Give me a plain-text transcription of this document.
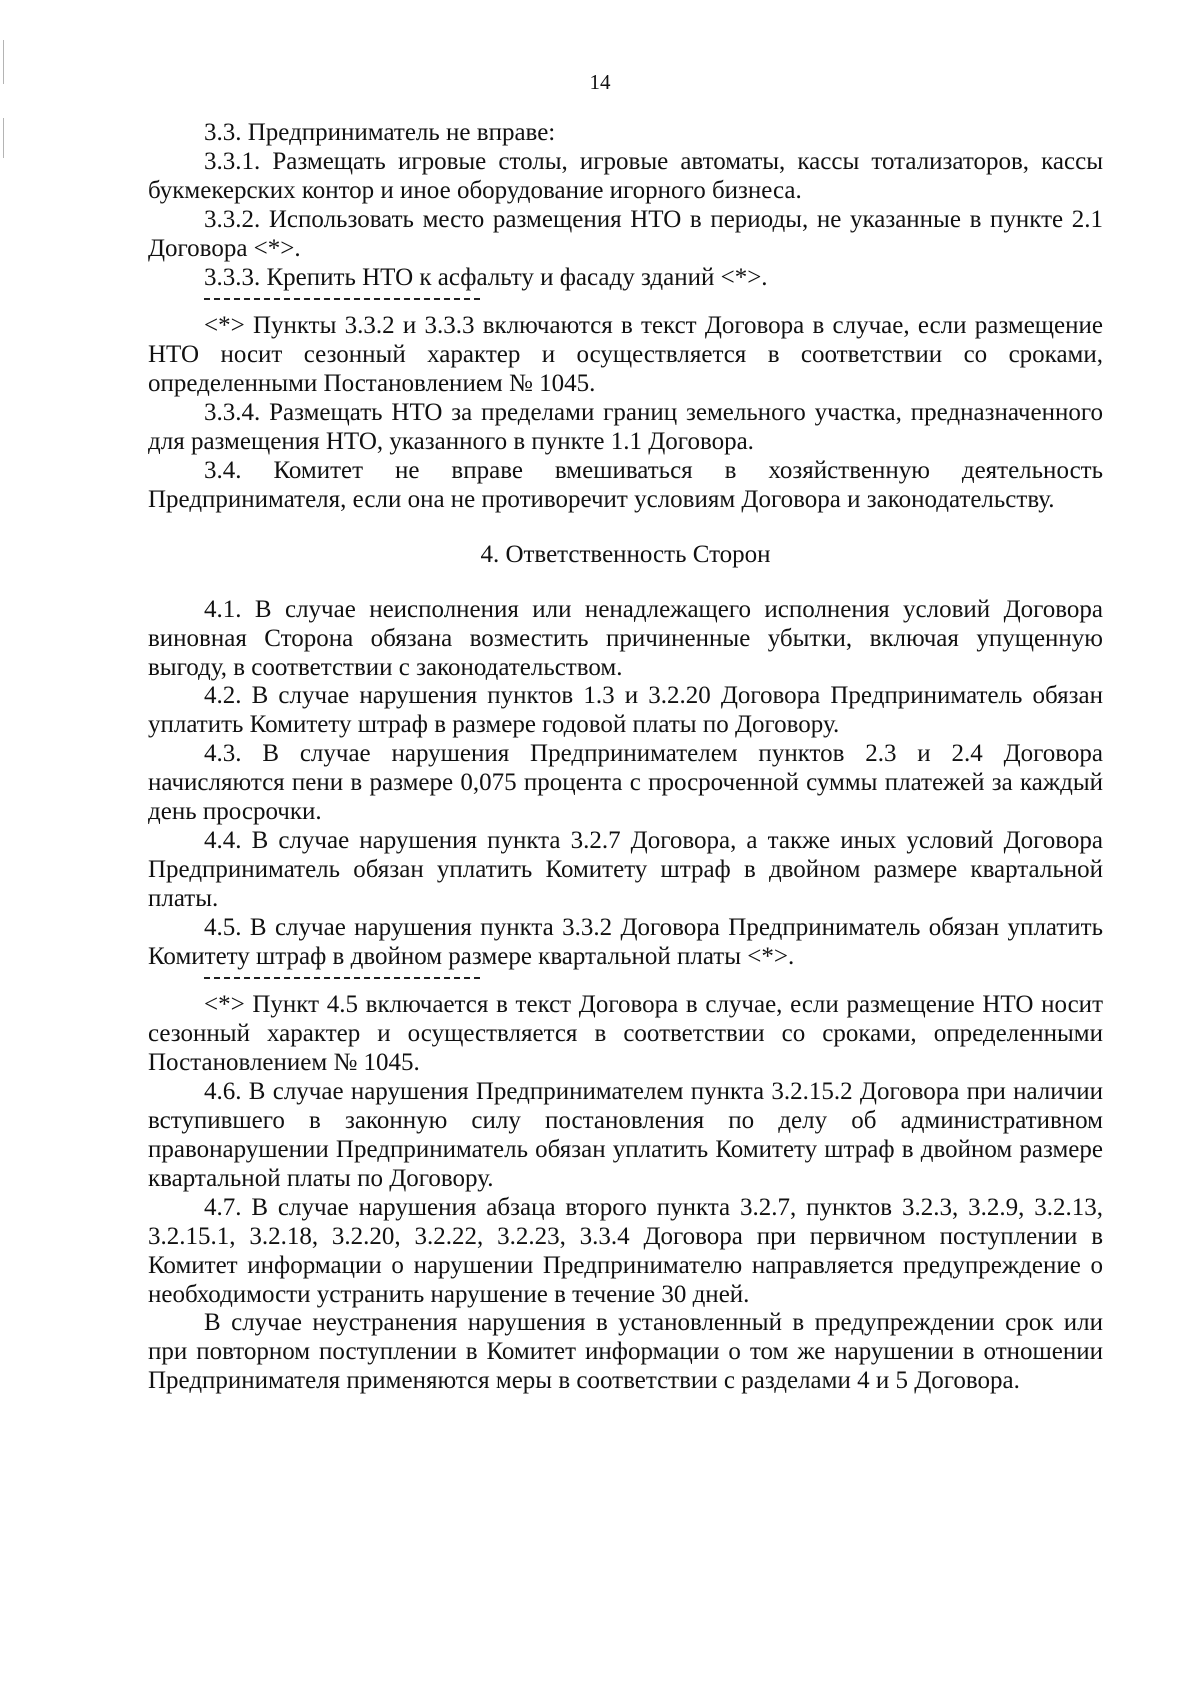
14

3.3. Предприниматель не вправе:

3.3.1. Размещать игровые столы, игровые автоматы, кассы тотализаторов, кассы букмекерских контор и иное оборудование игорного бизнеса.

3.3.2. Использовать место размещения НТО в периоды, не указанные в пункте 2.1 Договора <*>.

3.3.3. Крепить НТО к асфальту и фасаду зданий <*>.

<*> Пункты 3.3.2 и 3.3.3 включаются в текст Договора в случае, если размещение НТО носит сезонный характер и осуществляется в соответствии со сроками, определенными Постановлением № 1045.

3.3.4. Размещать НТО за пределами границ земельного участка, предназначенного для размещения НТО, указанного в пункте 1.1 Договора.

3.4. Комитет не вправе вмешиваться в хозяйственную деятельность Предпринимателя, если она не противоречит условиям Договора и законодательству.

4. Ответственность Сторон

4.1. В случае неисполнения или ненадлежащего исполнения условий Договора виновная Сторона обязана возместить причиненные убытки, включая упущенную выгоду, в соответствии с законодательством.

4.2. В случае нарушения пунктов 1.3 и 3.2.20 Договора Предприниматель обязан уплатить Комитету штраф в размере годовой платы по Договору.

4.3. В случае нарушения Предпринимателем пунктов 2.3 и 2.4 Договора начисляются пени в размере 0,075 процента с просроченной суммы платежей за каждый день просрочки.

4.4. В случае нарушения пункта 3.2.7 Договора, а также иных условий Договора Предприниматель обязан уплатить Комитету штраф в двойном размере квартальной платы.

4.5. В случае нарушения пункта 3.3.2 Договора Предприниматель обязан уплатить Комитету штраф в двойном размере квартальной платы <*>.

<*> Пункт 4.5 включается в текст Договора в случае, если размещение НТО носит сезонный характер и осуществляется в соответствии со сроками, определенными Постановлением № 1045.

4.6. В случае нарушения Предпринимателем пункта 3.2.15.2 Договора при наличии вступившего в законную силу постановления по делу об административном правонарушении Предприниматель обязан уплатить Комитету штраф в двойном размере квартальной платы по Договору.

4.7. В случае нарушения абзаца второго пункта 3.2.7, пунктов 3.2.3, 3.2.9, 3.2.13, 3.2.15.1, 3.2.18, 3.2.20, 3.2.22, 3.2.23, 3.3.4 Договора при первичном поступлении в Комитет информации о нарушении Предпринимателю направляется предупреждение о необходимости устранить нарушение в течение 30 дней.

В случае неустранения нарушения в установленный в предупреждении срок или при повторном поступлении в Комитет информации о том же нарушении в отношении Предпринимателя применяются меры в соответствии с разделами 4 и 5 Договора.
